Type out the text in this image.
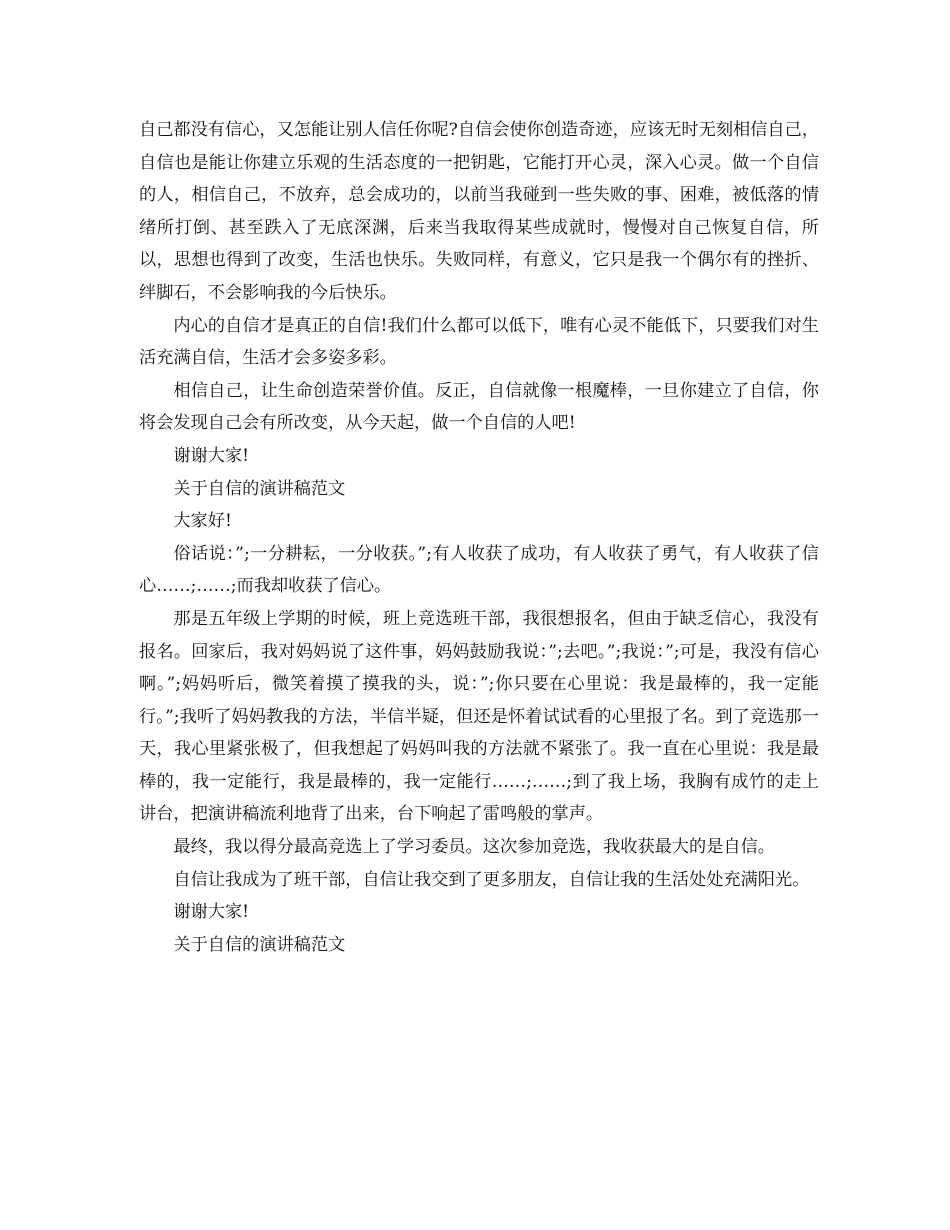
自己都没有信心，又怎能让别人信任你呢?自信会使你创造奇迹，应该无时无刻相信自己，自信也是能让你建立乐观的生活态度的一把钥匙，它能打开心灵，深入心灵。做一个自信的人，相信自己，不放弃，总会成功的，以前当我碰到一些失败的事、困难，被低落的情绪所打倒、甚至跌入了无底深渊，后来当我取得某些成就时，慢慢对自己恢复自信，所以，思想也得到了改变，生活也快乐。失败同样，有意义，它只是我一个偶尔有的挫折、绊脚石，不会影响我的今后快乐。

内心的自信才是真正的自信!我们什么都可以低下，唯有心灵不能低下，只要我们对生活充满自信，生活才会多姿多彩。

相信自己，让生命创造荣誉价值。反正，自信就像一根魔棒，一旦你建立了自信，你将会发现自己会有所改变，从今天起，做一个自信的人吧!

谢谢大家!

关于自信的演讲稿范文

大家好!

俗话说：”;一分耕耘，一分收获。”;有人收获了成功，有人收获了勇气，有人收获了信心……;……;而我却收获了信心。

那是五年级上学期的时候，班上竞选班干部，我很想报名，但由于缺乏信心，我没有报名。回家后，我对妈妈说了这件事，妈妈鼓励我说：”;去吧。”;我说：”;可是，我没有信心啊。”;妈妈听后，微笑着摸了摸我的头，说：”;你只要在心里说：我是最棒的，我一定能行。”;我听了妈妈教我的方法，半信半疑，但还是怀着试试看的心里报了名。到了竞选那一天，我心里紧张极了，但我想起了妈妈叫我的方法就不紧张了。我一直在心里说：我是最棒的，我一定能行，我是最棒的，我一定能行……;……;到了我上场，我胸有成竹的走上讲台，把演讲稿流利地背了出来，台下响起了雷鸣般的掌声。

最终，我以得分最高竞选上了学习委员。这次参加竞选，我收获最大的是自信。

自信让我成为了班干部，自信让我交到了更多朋友，自信让我的生活处处充满阳光。

谢谢大家!

关于自信的演讲稿范文
